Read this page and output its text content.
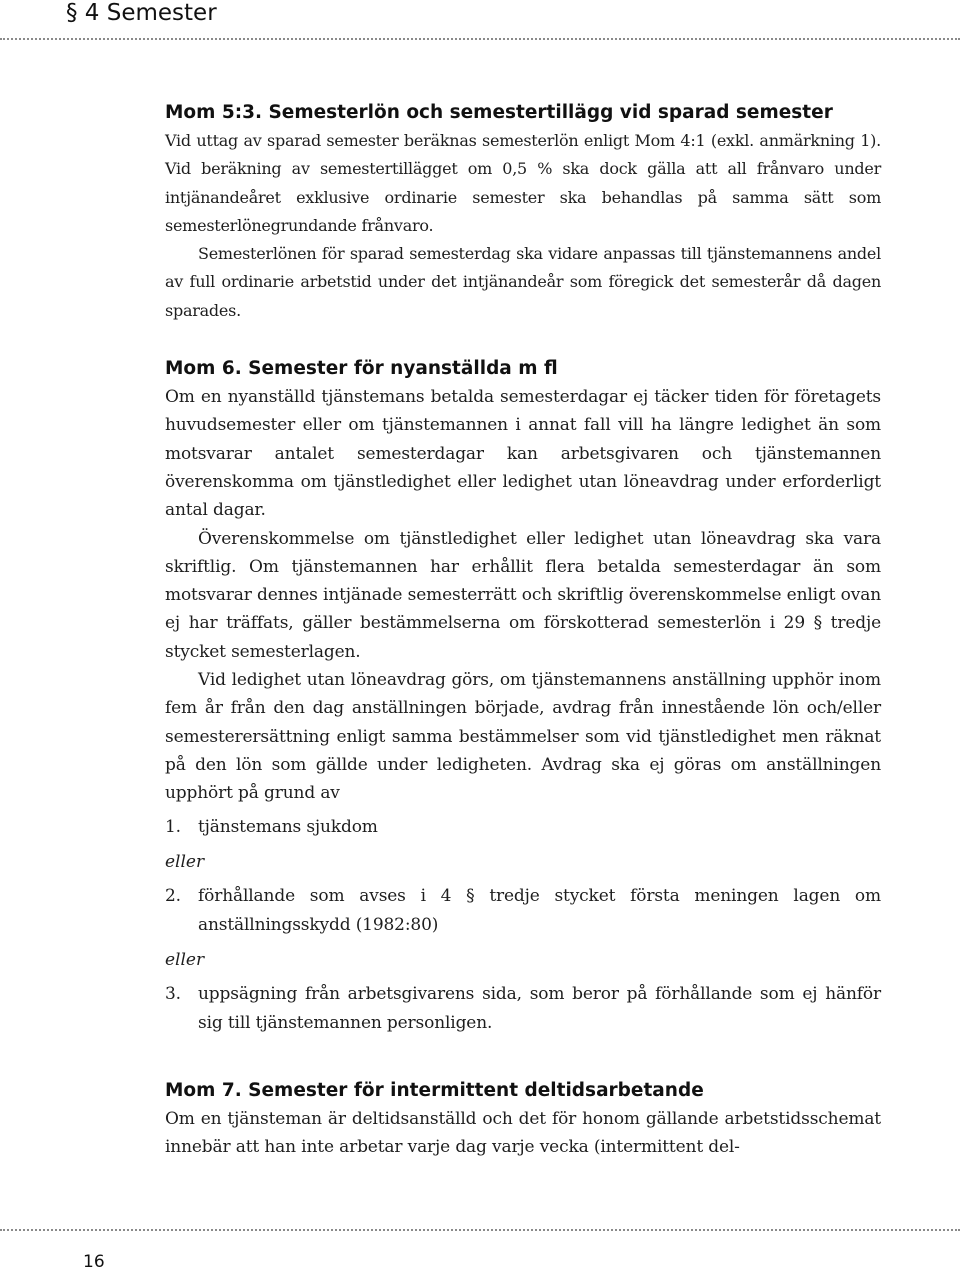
§ 4 Semester
Mom 5:3. Semesterlön och semestertillägg vid sparad semester

Vid uttag av sparad semester beräknas semesterlön enligt Mom 4:1 (exkl. anmärkning 1). Vid beräkning av semestertillägget om 0,5 % ska dock gälla att all frånvaro under intjänandeåret exklusive ordinarie semester ska behandlas på samma sätt som semesterlönegrundande frånvaro.

Semesterlönen för sparad semesterdag ska vidare anpassas till tjänstemannens andel av full ordinarie arbetstid under det intjänandeår som föregick det semesterår då dagen sparades.

Mom 6. Semester för nyanställda m fl

Om en nyanställd tjänstemans betalda semesterdagar ej täcker tiden för företagets huvudsemester eller om tjänstemannen i annat fall vill ha längre ledighet än som motsvarar antalet semesterdagar kan arbetsgivaren och tjänstemannen överenskomma om tjänstledighet eller ledighet utan löneavdrag under erforderligt antal dagar.

Överenskommelse om tjänstledighet eller ledighet utan löneavdrag ska vara skriftlig. Om tjänstemannen har erhållit flera betalda semesterdagar än som motsvarar dennes intjänade semesterrätt och skriftlig överenskommelse enligt ovan ej har träffats, gäller bestämmelserna om förskotterad semesterlön i 29 § tredje stycket semesterlagen.

Vid ledighet utan löneavdrag görs, om tjänstemannens anställning upphör inom fem år från den dag anställningen började, avdrag från innestående lön och/eller semesterersättning enligt samma bestämmelser som vid tjänstledighet men räknat på den lön som gällde under ledigheten. Avdrag ska ej göras om anställningen upphört på grund av

1. tjänstemans sjukdom
eller
2. förhållande som avses i 4 § tredje stycket första meningen lagen om anställningsskydd (1982:80)
eller
3. uppsägning från arbetsgivarens sida, som beror på förhållande som ej hänför sig till tjänstemannen personligen.
Mom 7. Semester för intermittent deltidsarbetande

Om en tjänsteman är deltidsanställd och det för honom gällande arbetstidsschemat innebär att han inte arbetar varje dag varje vecka (intermittent del-

16
